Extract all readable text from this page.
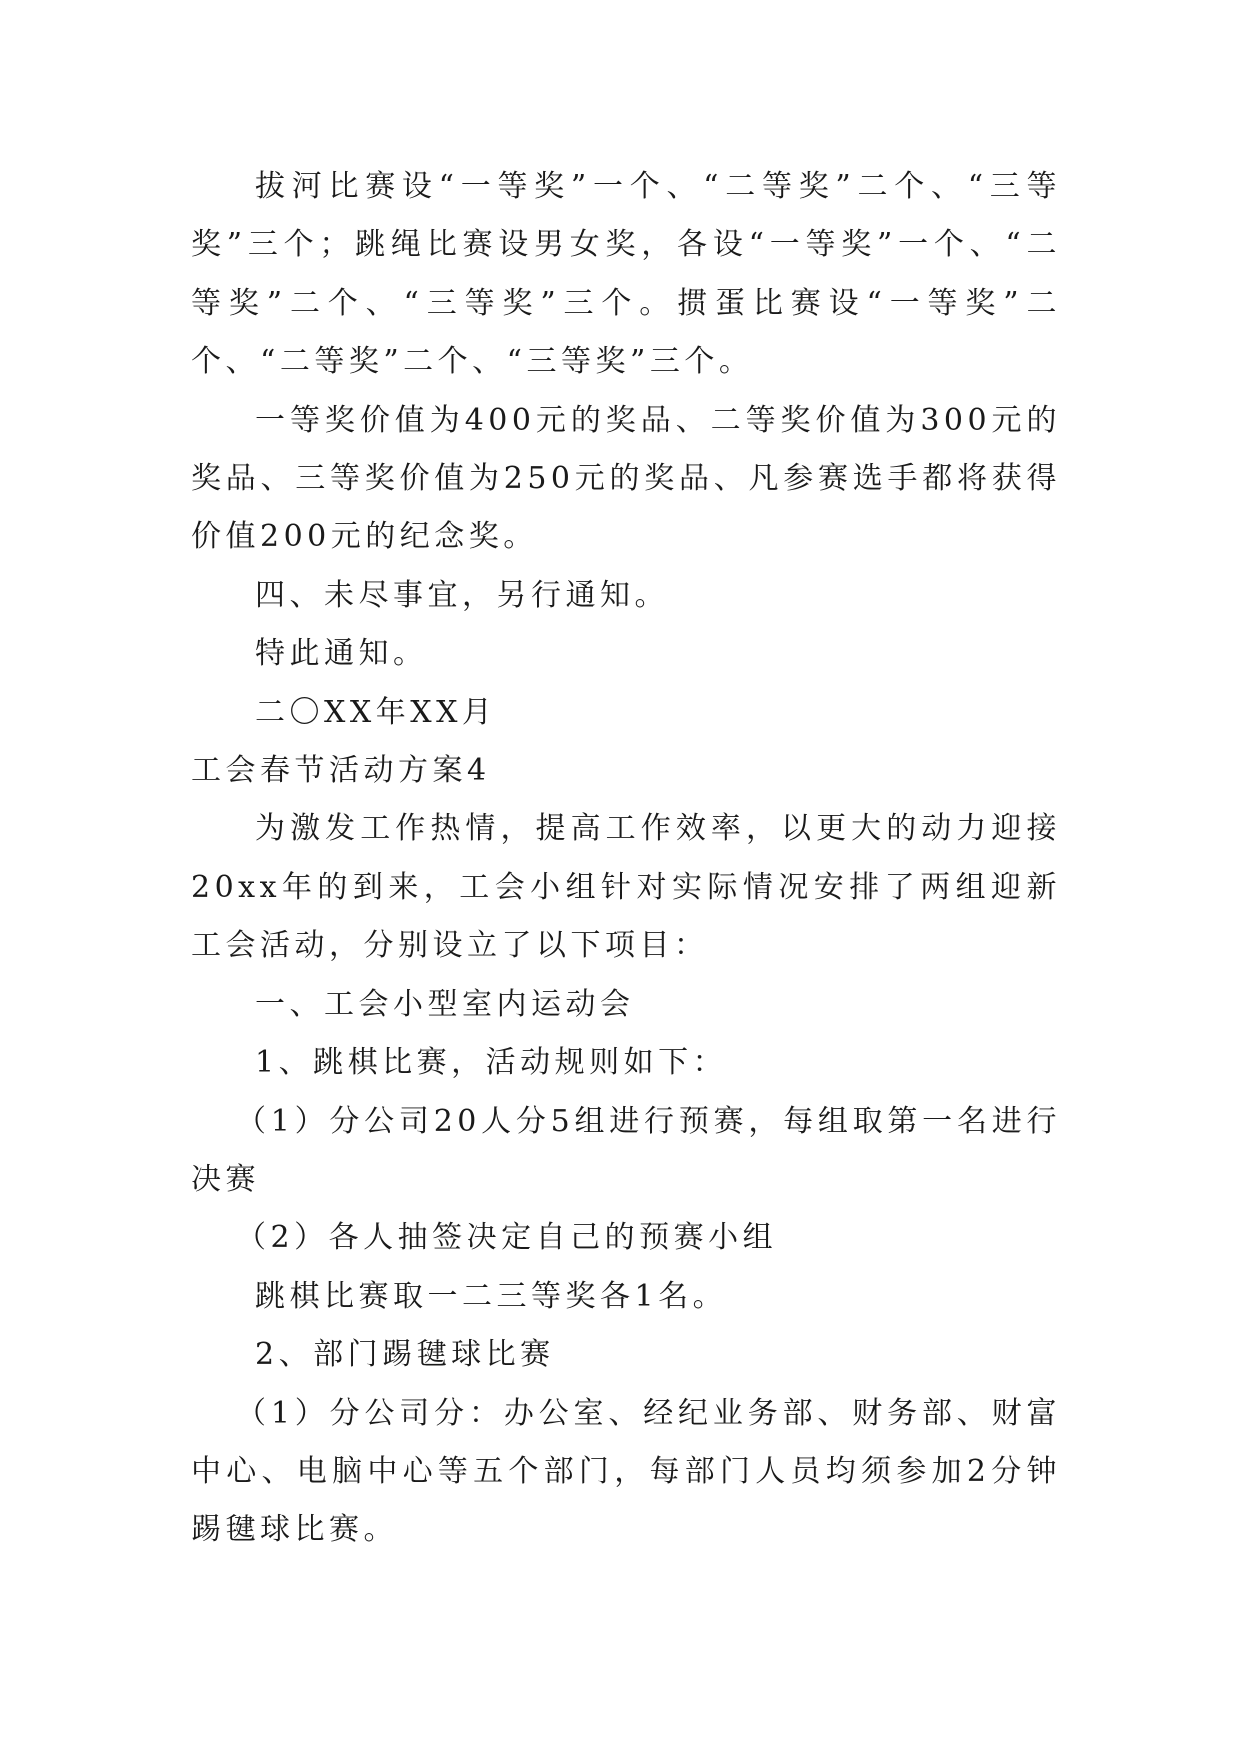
拔河比赛设“一等奖”一个、“二等奖”二个、“三等奖”三个；跳绳比赛设男女奖，各设“一等奖”一个、“二等奖”二个、“三等奖”三个。掼蛋比赛设“一等奖”二个、“二等奖”二个、“三等奖”三个。

一等奖价值为400元的奖品、二等奖价值为300元的奖品、三等奖价值为250元的奖品、凡参赛选手都将获得价值200元的纪念奖。

四、未尽事宜，另行通知。

特此通知。

二〇XX年XX月

工会春节活动方案4

为激发工作热情，提高工作效率，以更大的动力迎接20xx年的到来，工会小组针对实际情况安排了两组迎新工会活动，分别设立了以下项目：

一、工会小型室内运动会

1、跳棋比赛，活动规则如下：

（1）分公司20人分5组进行预赛，每组取第一名进行决赛

（2）各人抽签决定自己的预赛小组

跳棋比赛取一二三等奖各1名。

2、部门踢毽球比赛

（1）分公司分：办公室、经纪业务部、财务部、财富中心、电脑中心等五个部门，每部门人员均须参加2分钟踢毽球比赛。
